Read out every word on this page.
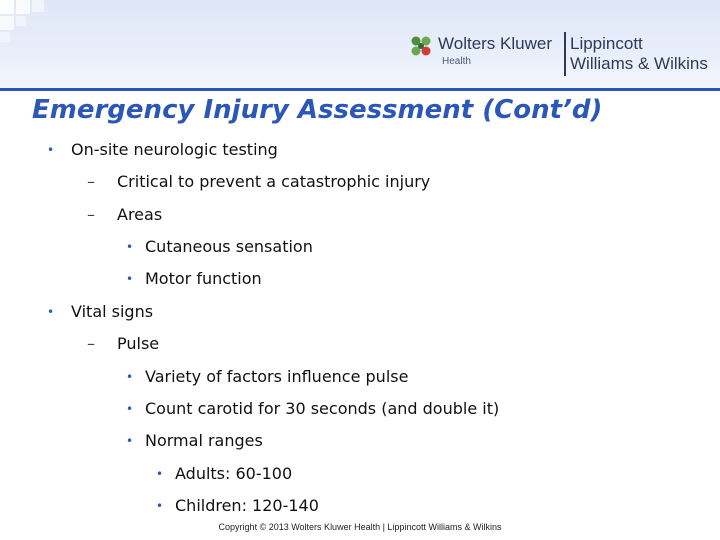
Wolters Kluwer
Health
Lippincott
Williams & Wilkins
Emergency Injury Assessment (Cont’d)
• On-site neurologic testing
– Critical to prevent a catastrophic injury
– Areas
• Cutaneous sensation
• Motor function
• Vital signs
– Pulse
• Variety of factors influence pulse
• Count carotid for 30 seconds (and double it)
• Normal ranges
• Adults: 60-100
• Children: 120-140
Copyright © 2013 Wolters Kluwer Health | Lippincott Williams & Wilkins
